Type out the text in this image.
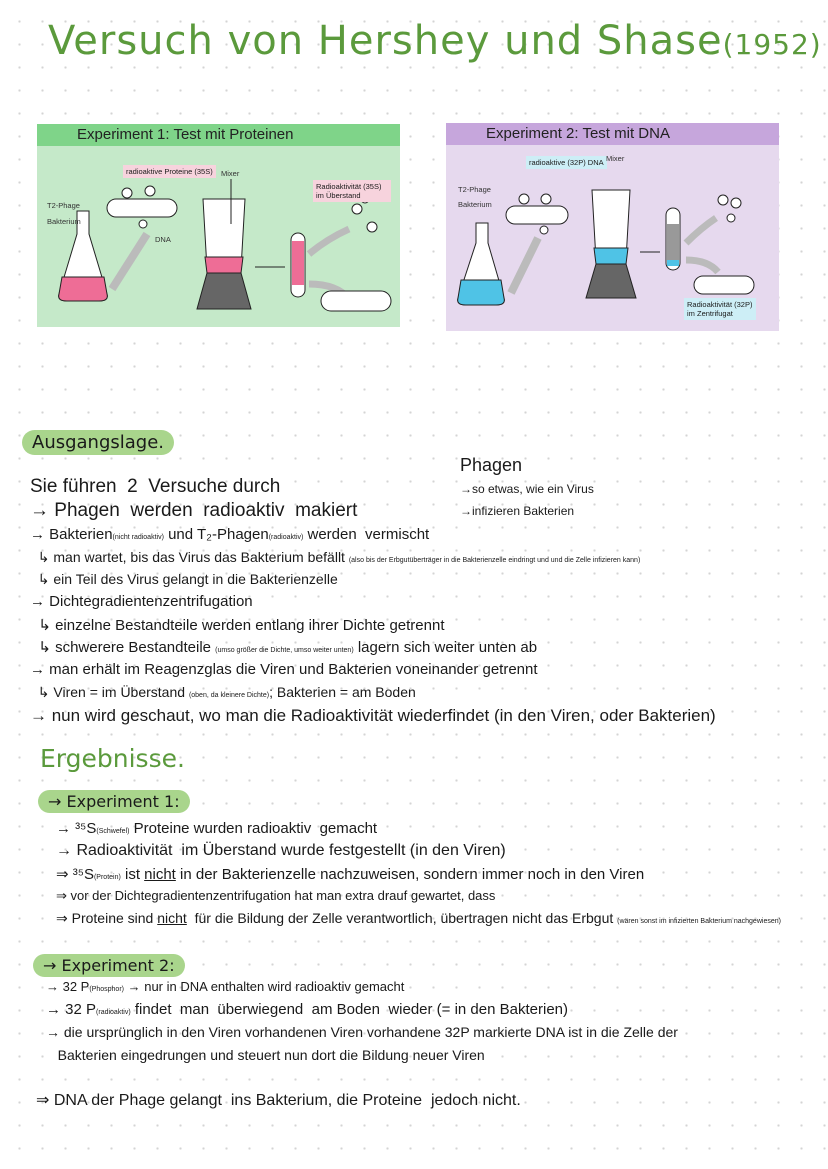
Versuch von Hershey und Shase(1952)
Experiment 1: Test mit Proteinen
radioaktive Proteine (35S)
T2-Phage
Bakterium
DNA
Mixer
Radioaktivität (35S) im Überstand
Experiment 2: Test mit DNA
radioaktive (32P) DNA
T2-Phage
Bakterium
Mixer
Radioaktivität (32P) im Zentrifugat
Ausgangslage.
Phagen
→so etwas, wie ein Virus
→infizieren Bakterien
Sie führen  2  Versuche durch
→ Phagen  werden  radioaktiv  makiert
→ Bakterien(nicht radioaktiv) und T₂-Phagen(radioaktiv) werden  vermischt
↳ man wartet, bis das Virus das Bakterium befällt (also bis der Erbgutüberträger in die Bakterienzelle eindringt und und die Zelle infizieren kann)
↳ ein Teil des Virus gelangt in die Bakterienzelle
→ Dichtegradientenzentrifugation
↳ einzelne Bestandteile werden entlang ihrer Dichte getrennt
↳ schwerere Bestandteile (umso größer die Dichte, umso weiter unten) lagern sich weiter unten ab
→ man erhält im Reagenzglas die Viren und Bakterien voneinander getrennt
↳ Viren = im Überstand (oben, da kleinere Dichte); Bakterien = am Boden
→ nun wird geschaut, wo man die Radioaktivität wiederfindet (in den Viren, oder Bakterien)
Ergebnisse.
→ Experiment 1:
→ ³⁵S(Schwefel) Proteine wurden radioaktiv  gemacht
→ Radioaktivität  im Überstand wurde festgestellt (in den Viren)
⇒ ³⁵S(Protein) ist nicht in der Bakterienzelle nachzuweisen, sondern immer noch in den Viren
⇒ vor der Dichtegradientenzentrifugation hat man extra drauf gewartet, dass
⇒ Proteine sind nicht  für die Bildung der Zelle verantwortlich, übertragen nicht das Erbgut (wären sonst im infizierten Bakterium nachgewiesen)
→ Experiment 2:
→ 32 P(Phosphor) → nur in DNA enthalten wird radioaktiv gemacht
→ 32 P(radioaktiv) findet  man  überwiegend  am Boden  wieder (= in den Bakterien)
→ die ursprünglich in den Viren vorhandenen Viren vorhandene 32P markierte DNA ist in die Zelle der
Bakterien eingedrungen und steuert nun dort die Bildung neuer Viren
⇒ DNA der Phage gelangt  ins Bakterium, die Proteine  jedoch nicht.
